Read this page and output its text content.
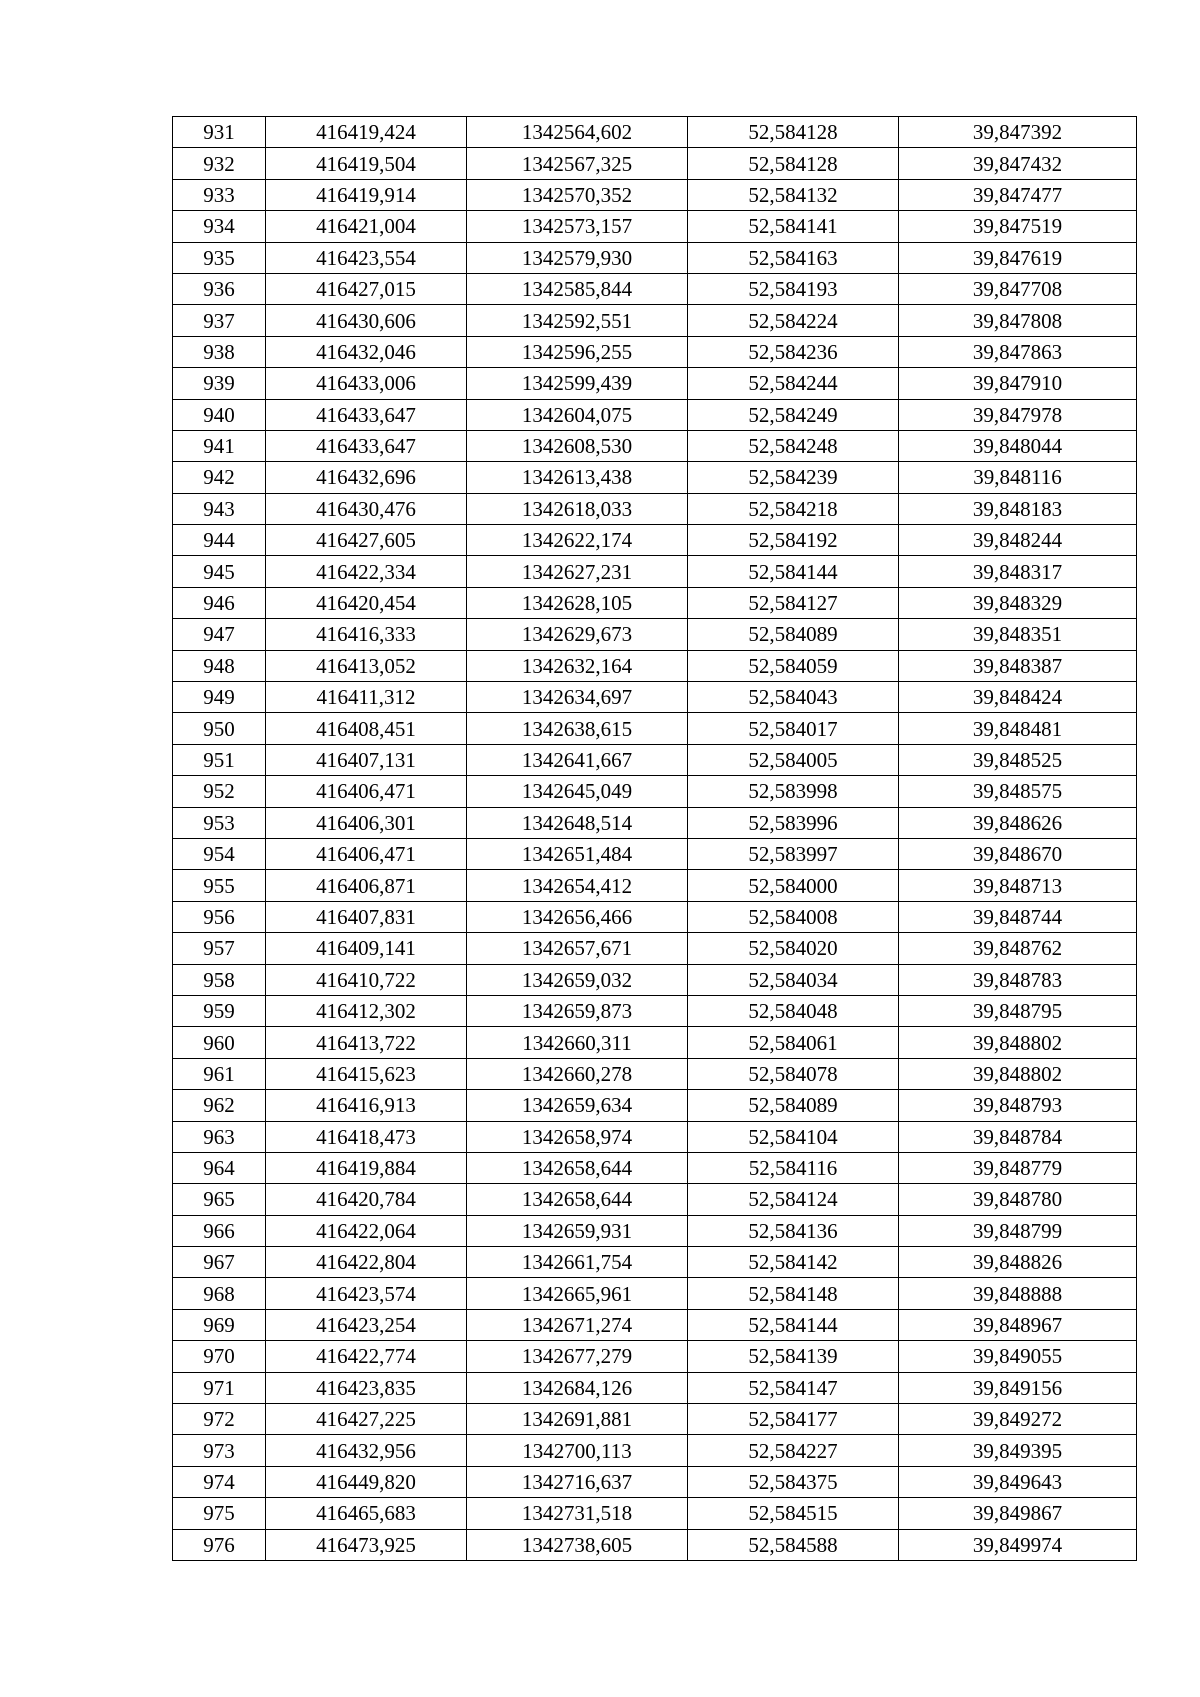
931	416419,424	1342564,602	52,584128	39,847392
932	416419,504	1342567,325	52,584128	39,847432
933	416419,914	1342570,352	52,584132	39,847477
934	416421,004	1342573,157	52,584141	39,847519
935	416423,554	1342579,930	52,584163	39,847619
936	416427,015	1342585,844	52,584193	39,847708
937	416430,606	1342592,551	52,584224	39,847808
938	416432,046	1342596,255	52,584236	39,847863
939	416433,006	1342599,439	52,584244	39,847910
940	416433,647	1342604,075	52,584249	39,847978
941	416433,647	1342608,530	52,584248	39,848044
942	416432,696	1342613,438	52,584239	39,848116
943	416430,476	1342618,033	52,584218	39,848183
944	416427,605	1342622,174	52,584192	39,848244
945	416422,334	1342627,231	52,584144	39,848317
946	416420,454	1342628,105	52,584127	39,848329
947	416416,333	1342629,673	52,584089	39,848351
948	416413,052	1342632,164	52,584059	39,848387
949	416411,312	1342634,697	52,584043	39,848424
950	416408,451	1342638,615	52,584017	39,848481
951	416407,131	1342641,667	52,584005	39,848525
952	416406,471	1342645,049	52,583998	39,848575
953	416406,301	1342648,514	52,583996	39,848626
954	416406,471	1342651,484	52,583997	39,848670
955	416406,871	1342654,412	52,584000	39,848713
956	416407,831	1342656,466	52,584008	39,848744
957	416409,141	1342657,671	52,584020	39,848762
958	416410,722	1342659,032	52,584034	39,848783
959	416412,302	1342659,873	52,584048	39,848795
960	416413,722	1342660,311	52,584061	39,848802
961	416415,623	1342660,278	52,584078	39,848802
962	416416,913	1342659,634	52,584089	39,848793
963	416418,473	1342658,974	52,584104	39,848784
964	416419,884	1342658,644	52,584116	39,848779
965	416420,784	1342658,644	52,584124	39,848780
966	416422,064	1342659,931	52,584136	39,848799
967	416422,804	1342661,754	52,584142	39,848826
968	416423,574	1342665,961	52,584148	39,848888
969	416423,254	1342671,274	52,584144	39,848967
970	416422,774	1342677,279	52,584139	39,849055
971	416423,835	1342684,126	52,584147	39,849156
972	416427,225	1342691,881	52,584177	39,849272
973	416432,956	1342700,113	52,584227	39,849395
974	416449,820	1342716,637	52,584375	39,849643
975	416465,683	1342731,518	52,584515	39,849867
976	416473,925	1342738,605	52,584588	39,849974
